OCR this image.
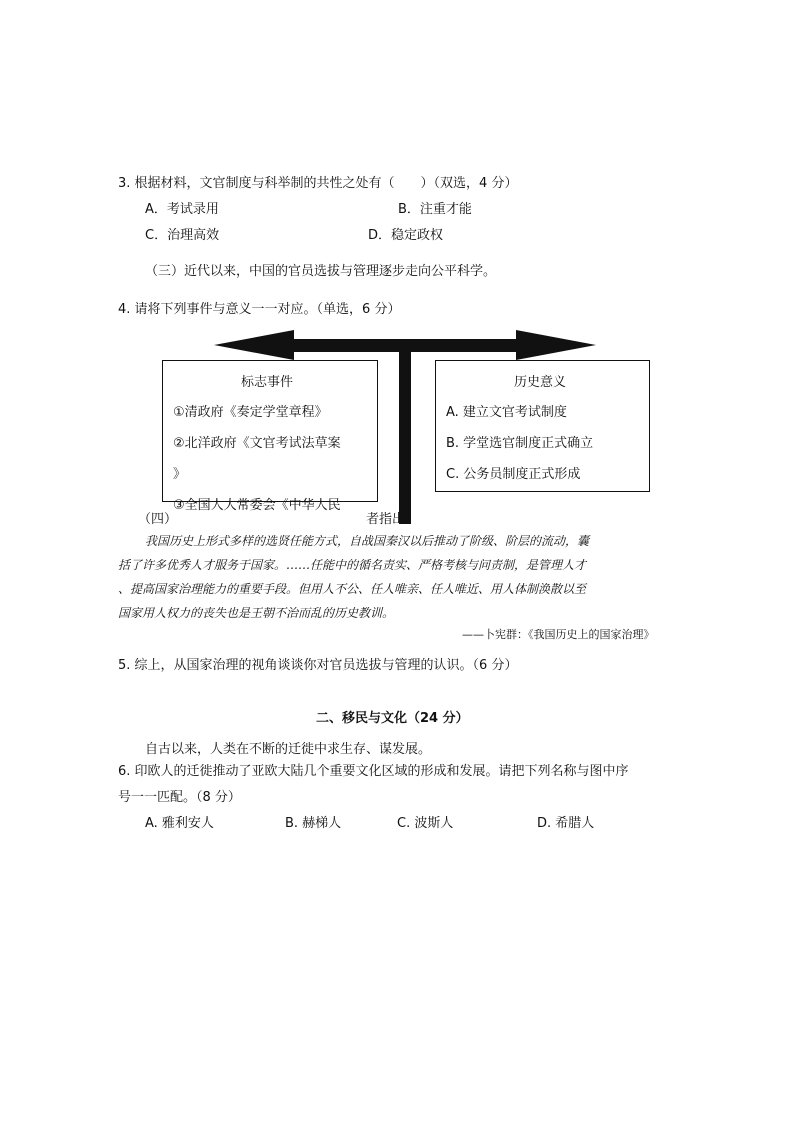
3. 根据材料，文官制度与科举制的共性之处有（　　）（双选，4 分）
A．考试录用	B．注重才能
C．治理高效	D．稳定政权
（三）近代以来，中国的官员选拔与管理逐步走向公平科学。
4. 请将下列事件与意义一一对应。（单选，6 分）
标志事件
①清政府《奏定学堂章程》
②北洋政府《文官考试法草案
》
③全国人大常委会《中华人民
历史意义
A. 建立文官考试制度
B. 学堂选官制度正式确立
C. 公务员制度正式形成
（四）	者指出：
我国历史上形式多样的选贤任能方式，自战国秦汉以后推动了阶级、阶层的流动，囊
括了许多优秀人才服务于国家。……任能中的循名责实、严格考核与问责制，是管理人才
、提高国家治理能力的重要手段。但用人不公、任人唯亲、任人唯近、用人体制涣散以至
国家用人权力的丧失也是王朝不治而乱的历史教训。
——卜宪群：《我国历史上的国家治理》
5. 综上，从国家治理的视角谈谈你对官员选拔与管理的认识。（6 分）
二、移民与文化（24 分）
自古以来，人类在不断的迁徙中求生存、谋发展。
6. 印欧人的迁徙推动了亚欧大陆几个重要文化区域的形成和发展。请把下列名称与图中序
号一一匹配。（8 分）
A. 雅利安人	B. 赫梯人	C. 波斯人	D. 希腊人
